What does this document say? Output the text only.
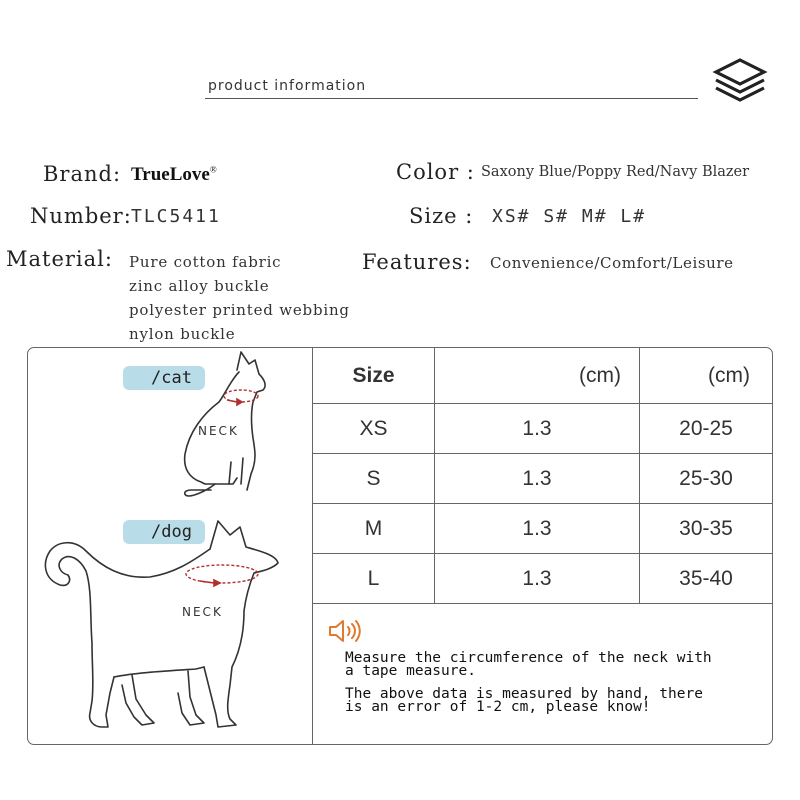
product information
Brand: TrueLove®
Number: TLC5411
Material: Pure cotton fabric
zinc alloy buckle
polyester printed webbing
nylon buckle
Color : Saxony Blue/Poppy Red/Navy Blazer
Size : XS# S# M# L#
Features: Convenience/Comfort/Leisure
/cat
NECK
/dog
NECK
Size	(cm)	(cm)
XS	1.3	20-25
S	1.3	25-30
M	1.3	30-35
L	1.3	35-40
Measure the circumference of the neck with
a tape measure.
The above data is measured by hand, there
is an error of 1-2 cm, please know!
